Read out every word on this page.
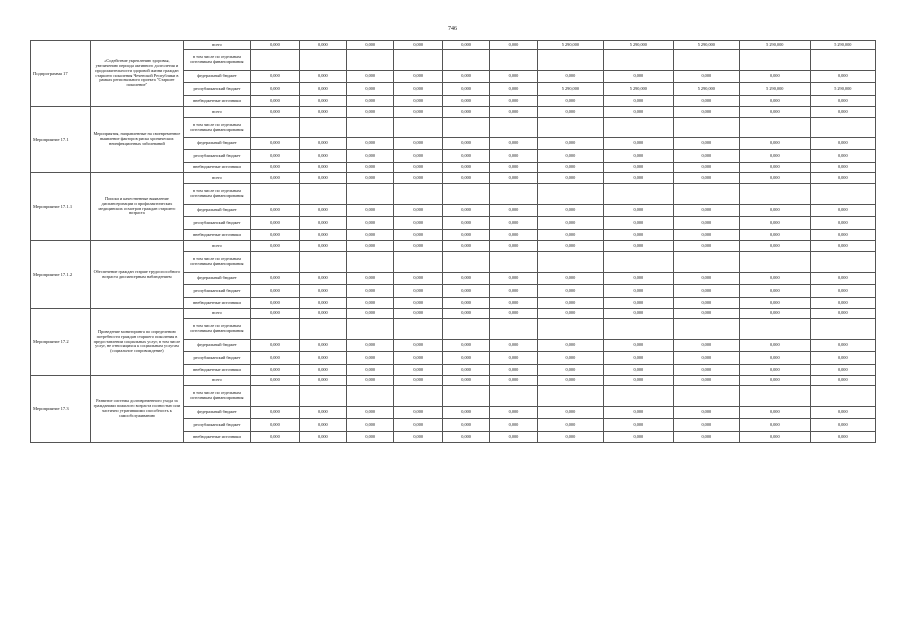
746
Подпрограмма 17	«Содействие укреплению здоровья, увеличению периода активного долголетия и продолжительности здоровой жизни граждан старшего поколения Чеченской Республики в рамках регионального проекта "Старшее поколение"	всего	0,000	0,000	0,000	0,000	0,000	0,000	5 290,000	5 290,000	5 290,000	5 290,000	5 290,000
		в том числе по отдельным источникам финансирования											
		федеральный бюджет	0,000	0,000	0,000	0,000	0,000	0,000	0,000	0,000	0,000	0,000	0,000
		республиканский бюджет	0,000	0,000	0,000	0,000	0,000	0,000	5 290,000	5 290,000	5 290,000	5 290,000	5 290,000
		внебюджетные источники	0,000	0,000	0,000	0,000	0,000	0,000	0,000	0,000	0,000	0,000	0,000
Мероприятие 17.1	Мероприятия, направленные на своевременное выявление факторов риска хронических неинфекционных заболеваний	всего	0,000	0,000	0,000	0,000	0,000	0,000	0,000	0,000	0,000	0,000	0,000
		в том числе по отдельным источникам финансирования											
		федеральный бюджет	0,000	0,000	0,000	0,000	0,000	0,000	0,000	0,000	0,000	0,000	0,000
		республиканский бюджет	0,000	0,000	0,000	0,000	0,000	0,000	0,000	0,000	0,000	0,000	0,000
		внебюджетные источники	0,000	0,000	0,000	0,000	0,000	0,000	0,000	0,000	0,000	0,000	0,000
Мероприятие 17.1.1	Поиски и качественные выявление диспансеризации и профилактических медицинских осмотров граждан старшего возраста	всего	0,000	0,000	0,000	0,000	0,000	0,000	0,000	0,000	0,000	0,000	0,000
		в том числе по отдельным источникам финансирования											
		федеральный бюджет	0,000	0,000	0,000	0,000	0,000	0,000	0,000	0,000	0,000	0,000	0,000
		республиканский бюджет	0,000	0,000	0,000	0,000	0,000	0,000	0,000	0,000	0,000	0,000	0,000
		внебюджетные источники	0,000	0,000	0,000	0,000	0,000	0,000	0,000	0,000	0,000	0,000	0,000
Мероприятие 17.1.2	Обеспечение граждан старше трудоспособного возраста диспансерным наблюдением	всего	0,000	0,000	0,000	0,000	0,000	0,000	0,000	0,000	0,000	0,000	0,000
		в том числе по отдельным источникам финансирования											
		федеральный бюджет	0,000	0,000	0,000	0,000	0,000	0,000	0,000	0,000	0,000	0,000	0,000
		республиканский бюджет	0,000	0,000	0,000	0,000	0,000	0,000	0,000	0,000	0,000	0,000	0,000
		внебюджетные источники	0,000	0,000	0,000	0,000	0,000	0,000	0,000	0,000	0,000	0,000	0,000
Мероприятие 17.2	Проведение мониторинга по определению потребности граждан старшего поколения в предоставлении социальных услуг, в том числе услуг, не относящихся к социальным услугам (социальное сопровождение)	всего	0,000	0,000	0,000	0,000	0,000	0,000	0,000	0,000	0,000	0,000	0,000
		в том числе по отдельным источникам финансирования											
		федеральный бюджет	0,000	0,000	0,000	0,000	0,000	0,000	0,000	0,000	0,000	0,000	0,000
		республиканский бюджет	0,000	0,000	0,000	0,000	0,000	0,000	0,000	0,000	0,000	0,000	0,000
		внебюджетные источники	0,000	0,000	0,000	0,000	0,000	0,000	0,000	0,000	0,000	0,000	0,000
Мероприятие 17.3	Развитие системы долговременного ухода за гражданами пожилого возраста полностью или частично утратившими способность к самообслуживанию	всего	0,000	0,000	0,000	0,000	0,000	0,000	0,000	0,000	0,000	0,000	0,000
		в том числе по отдельным источникам финансирования											
		федеральный бюджет	0,000	0,000	0,000	0,000	0,000	0,000	0,000	0,000	0,000	0,000	0,000
		республиканский бюджет	0,000	0,000	0,000	0,000	0,000	0,000	0,000	0,000	0,000	0,000	0,000
		внебюджетные источники	0,000	0,000	0,000	0,000	0,000	0,000	0,000	0,000	0,000	0,000	0,000
